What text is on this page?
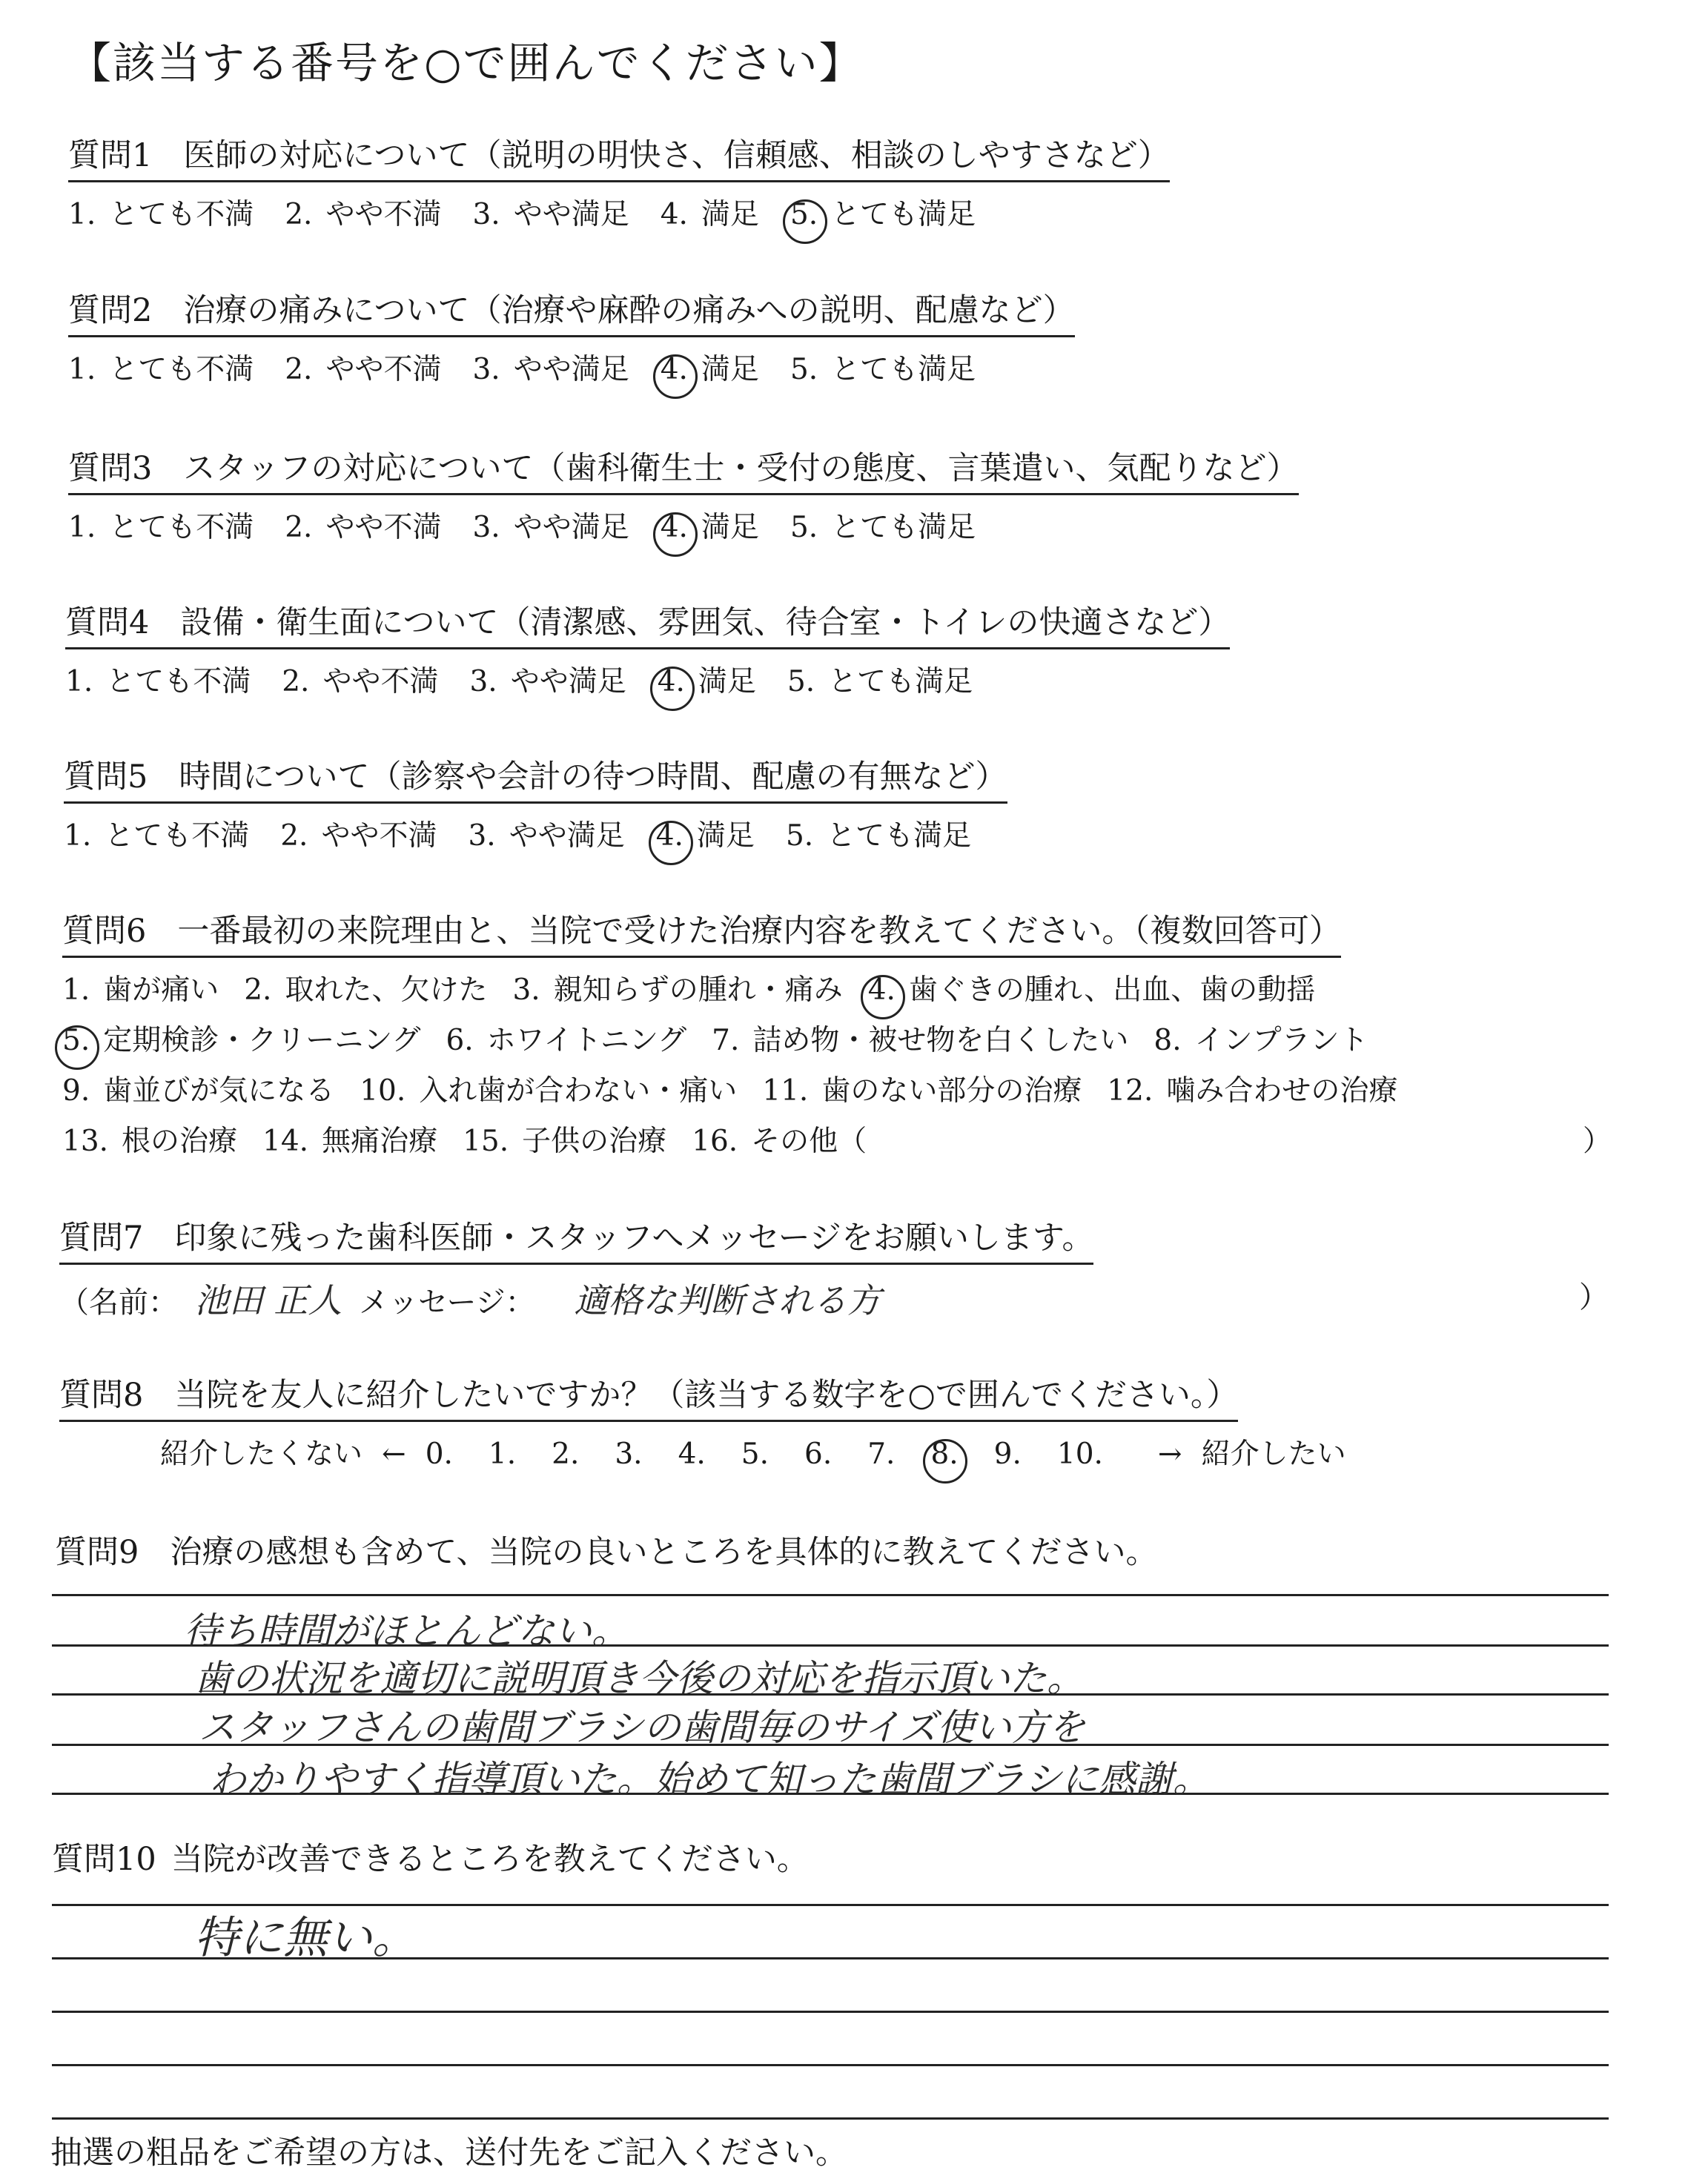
【該当する番号を○で囲んでください】
質問1 医師の対応について（説明の明快さ、信頼感、相談のしやすさなど）
1. とても不満 2. やや不満 3. やや満足 4. 満足 5. とても満足
質問2 治療の痛みについて（治療や麻酔の痛みへの説明、配慮など）
1. とても不満 2. やや不満 3. やや満足 4. 満足 5. とても満足
質問3 スタッフの対応について（歯科衛生士・受付の態度、言葉遣い、気配りなど）
1. とても不満 2. やや不満 3. やや満足 4. 満足 5. とても満足
質問4 設備・衛生面について（清潔感、雰囲気、待合室・トイレの快適さなど）
1. とても不満 2. やや不満 3. やや満足 4. 満足 5. とても満足
質問5 時間について（診察や会計の待つ時間、配慮の有無など）
1. とても不満 2. やや不満 3. やや満足 4. 満足 5. とても満足
質問6 一番最初の来院理由と、当院で受けた治療内容を教えてください。（複数回答可）
1. 歯が痛い 2. 取れた、欠けた 3. 親知らずの腫れ・痛み 4. 歯ぐきの腫れ、出血、歯の動揺
5. 定期検診・クリーニング 6. ホワイトニング 7. 詰め物・被せ物を白くしたい 8. インプラント
9. 歯並びが気になる 10. 入れ歯が合わない・痛い 11. 歯のない部分の治療 12. 噛み合わせの治療
13. 根の治療 14. 無痛治療 15. 子供の治療 16. その他（	）
質問7 印象に残った歯科医師・スタッフへメッセージをお願いします。
（名前： 池田 正人 メッセージ： 適格な判断される方	）
質問8 当院を友人に紹介したいですか？（該当する数字を○で囲んでください。）
紹介したくない ← 0. 1. 2. 3. 4. 5. 6. 7. 8. 9. 10. → 紹介したい
質問9 治療の感想も含めて、当院の良いところを具体的に教えてください。
待ち時間がほとんどない。
歯の状況を適切に説明頂き今後の対応を指示頂いた。
スタッフさんの歯間ブラシの歯間毎のサイズ使い方を
わかりやすく指導頂いた。始めて知った歯間ブラシに感謝。
質問10 当院が改善できるところを教えてください。
特に無い。
抽選の粗品をご希望の方は、送付先をご記入ください。
